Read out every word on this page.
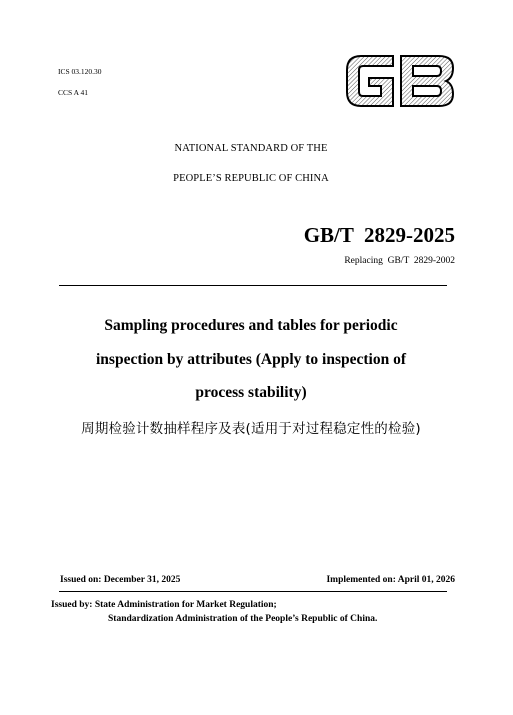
ICS 03.120.30
CCS A 41
NATIONAL STANDARD OF THE
PEOPLE’S REPUBLIC OF CHINA
GB/T  2829-2025
Replacing  GB/T  2829-2002
Sampling procedures and tables for periodic
inspection by attributes (Apply to inspection of
process stability)
周期检验计数抽样程序及表(适用于对过程稳定性的检验)
Issued on: December 31, 2025	Implemented on: April 01, 2026
Issued by: State Administration for Market Regulation;
Standardization Administration of the People’s Republic of China.
